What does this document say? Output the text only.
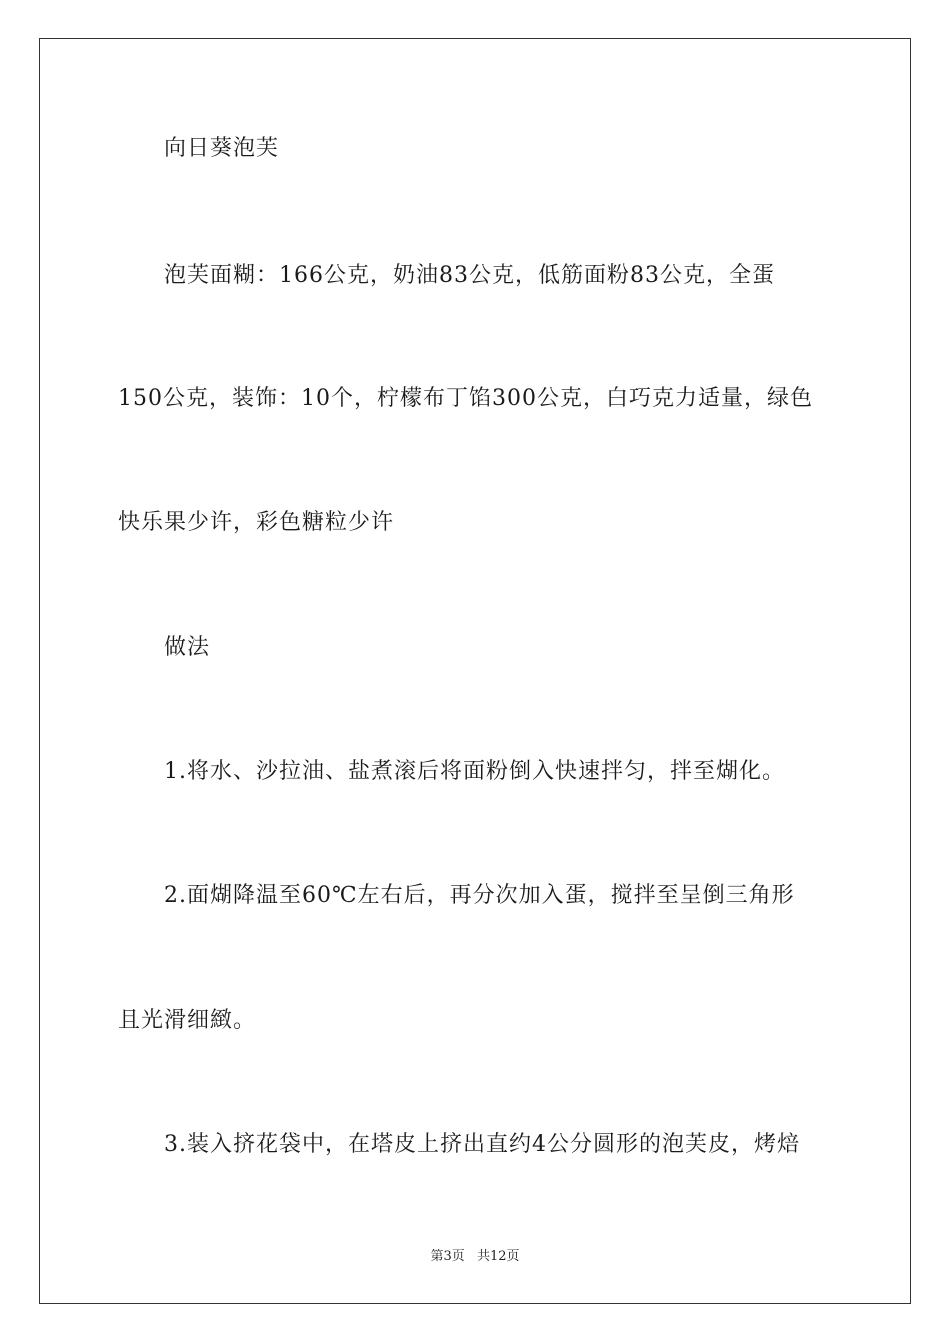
向日葵泡芙
泡芙面糊：166公克，奶油83公克，低筋面粉83公克，全蛋
150公克，装饰：10个，柠檬布丁馅300公克，白巧克力适量，绿色
快乐果少许，彩色糖粒少许
做法
1.将水、沙拉油、盐煮滚后将面粉倒入快速拌匀，拌至煳化。
2.面煳降温至60℃左右后，再分次加入蛋，搅拌至呈倒三角形
且光滑细緻。
3.装入挤花袋中，在塔皮上挤出直约4公分圆形的泡芙皮，烤焙
第3页 共12页
